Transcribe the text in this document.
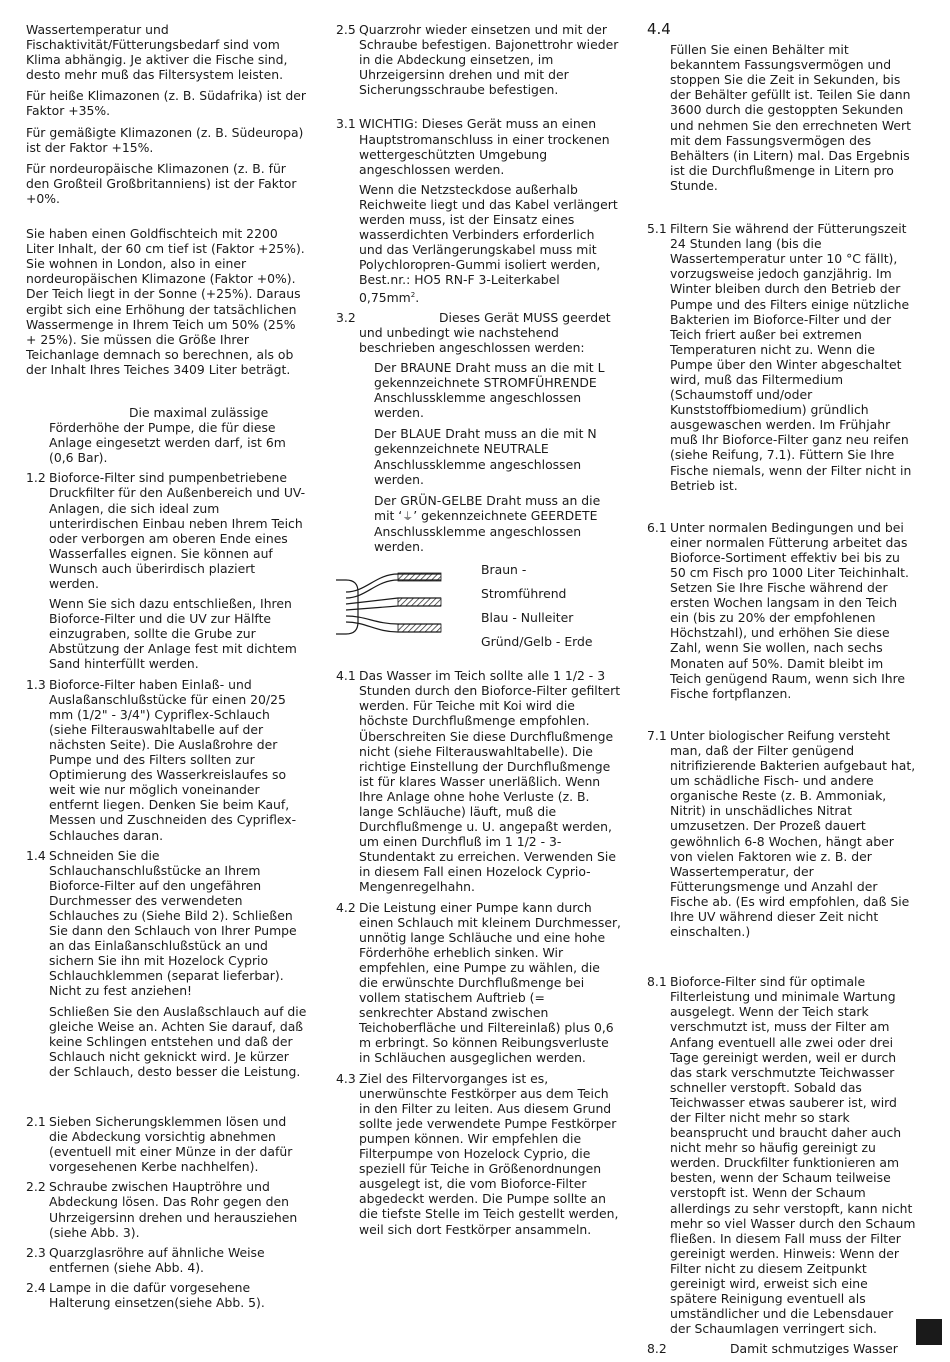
Wassertemperatur und Fischaktivität/Fütterungsbedarf sind vom Klima abhängig. Je aktiver die Fische sind, desto mehr muß das Filtersystem leisten.

Für heiße Klimazonen (z. B. Südafrika) ist der Faktor +35%.

Für gemäßigte Klimazonen (z. B. Südeuropa) ist der Faktor +15%.

Für nordeuropäische Klimazonen (z. B. für den Großteil Großbritanniens) ist der Faktor +0%.

Sie haben einen Goldfischteich mit 2200 Liter Inhalt, der 60 cm tief ist (Faktor +25%). Sie wohnen in London, also in einer nordeuropäischen Klimazone (Faktor +0%). Der Teich liegt in der Sonne (+25%). Daraus ergibt sich eine Erhöhung der tatsächlichen Wassermenge in Ihrem Teich um 50% (25% + 25%). Sie müssen die Größe Ihrer Teichanlage demnach so berechnen, als ob der Inhalt Ihres Teiches 3409 Liter beträgt.

Die maximal zulässige Förderhöhe der Pumpe, die für diese Anlage eingesetzt werden darf, ist 6m (0,6 Bar).

1.2 Bioforce-Filter sind pumpenbetriebene Druckfilter für den Außenbereich und UV-Anlagen, die sich ideal zum unterirdischen Einbau neben Ihrem Teich oder verborgen am oberen Ende eines Wasserfalles eignen. Sie können auf Wunsch auch überirdisch plaziert werden.

Wenn Sie sich dazu entschließen, Ihren Bioforce-Filter und die UV zur Hälfte einzugraben, sollte die Grube zur Abstützung der Anlage fest mit dichtem Sand hinterfüllt werden.

1.3 Bioforce-Filter haben Einlaß- und Auslaßanschlußstücke für einen 20/25 mm (1/2" - 3/4") Cypriflex-Schlauch (siehe Filterauswahltabelle auf der nächsten Seite). Die Auslaßrohre der Pumpe und des Filters sollten zur Optimierung des Wasserkreislaufes so weit wie nur möglich voneinander entfernt liegen. Denken Sie beim Kauf, Messen und Zuschneiden des Cypriflex-Schlauches daran.

1.4 Schneiden Sie die Schlauchanschlußstücke an Ihrem Bioforce-Filter auf den ungefähren Durchmesser des verwendeten Schlauches zu (Siehe Bild 2). Schließen Sie dann den Schlauch von Ihrer Pumpe an das Einlaßanschlußstück an und sichern Sie ihn mit Hozelock Cyprio Schlauchklemmen (separat lieferbar). Nicht zu fest anziehen!

Schließen Sie den Auslaßschlauch auf die gleiche Weise an. Achten Sie darauf, daß keine Schlingen entstehen und daß der Schlauch nicht geknickt wird. Je kürzer der Schlauch, desto besser die Leistung.

2.1 Sieben Sicherungsklemmen lösen und die Abdeckung vorsichtig abnehmen (eventuell mit einer Münze in der dafür vorgesehenen Kerbe nachhelfen).

2.2 Schraube zwischen Hauptröhre und Abdeckung lösen. Das Rohr gegen den Uhrzeigersinn drehen und herausziehen (siehe Abb. 3).

2.3 Quarzglasröhre auf ähnliche Weise entfernen (siehe Abb. 4).

2.4 Lampe in die dafür vorgesehene Halterung einsetzen(siehe Abb. 5).

2.5 Quarzrohr wieder einsetzen und mit der Schraube befestigen. Bajonettrohr wieder in die Abdeckung einsetzen, im Uhrzeigersinn drehen und mit der Sicherungsschraube befestigen.

3.1 WICHTIG: Dieses Gerät muss an einen Hauptstromanschluss in einer trockenen wettergeschützten Umgebung angeschlossen werden.

Wenn die Netzsteckdose außerhalb Reichweite liegt und das Kabel verlängert werden muss, ist der Einsatz eines wasserdichten Verbinders erforderlich und das Verlängerungskabel muss mit Polychloropren-Gummi isoliert werden, Best.nr.: HO5 RN-F 3-Leiterkabel $0,75mm^2$.

3.2	Dieses Gerät MUSS geerdet und unbedingt wie nachstehend beschrieben angeschlossen werden:

Der BRAUNE Draht muss an die mit L gekennzeichnete STROMFÜHRENDE Anschlussklemme angeschlossen werden.

Der BLAUE Draht muss an die mit N gekennzeichnete NEUTRALE Anschlussklemme angeschlossen werden.

Der GRÜN-GELBE Draht muss an die mit ‘⏚’ gekennzeichnete GEERDETE Anschlussklemme angeschlossen werden.

Braun -
Stromführend
Blau - Nulleiter
Gründ/Gelb - Erde
4.1 Das Wasser im Teich sollte alle 1 1/2 - 3 Stunden durch den Bioforce-Filter gefiltert werden. Für Teiche mit Koi wird die höchste Durchflußmenge empfohlen. Überschreiten Sie diese Durchflußmenge nicht (siehe Filterauswahltabelle). Die richtige Einstellung der Durchflußmenge ist für klares Wasser unerläßlich. Wenn Ihre Anlage ohne hohe Verluste (z. B. lange Schläuche) läuft, muß die Durchflußmenge u. U. angepaßt werden, um einen Durchfluß im 1 1/2 - 3-Stundentakt zu erreichen. Verwenden Sie in diesem Fall einen Hozelock Cyprio-Mengenregelhahn.

4.2 Die Leistung einer Pumpe kann durch einen Schlauch mit kleinem Durchmesser, unnötig lange Schläuche und eine hohe Förderhöhe erheblich sinken. Wir empfehlen, eine Pumpe zu wählen, die die erwünschte Durchflußmenge bei vollem statischem Auftrieb (= senkrechter Abstand zwischen Teichoberfläche und Filtereinlaß) plus 0,6 m erbringt. So können Reibungsverluste in Schläuchen ausgeglichen werden.

4.3 Ziel des Filtervorganges ist es, unerwünschte Festkörper aus dem Teich in den Filter zu leiten. Aus diesem Grund sollte jede verwendete Pumpe Festkörper pumpen können. Wir empfehlen die Filterpumpe von Hozelock Cyprio, die speziell für Teiche in Größenordnungen ausgelegt ist, die vom Bioforce-Filter abgedeckt werden. Die Pumpe sollte an die tiefste Stelle im Teich gestellt werden, weil sich dort Festkörper ansammeln.

4.4

Füllen Sie einen Behälter mit bekanntem Fassungsvermögen und stoppen Sie die Zeit in Sekunden, bis der Behälter gefüllt ist. Teilen Sie dann 3600 durch die gestoppten Sekunden und nehmen Sie den errechneten Wert mit dem Fassungsvermögen des Behälters (in Litern) mal. Das Ergebnis ist die Durchflußmenge in Litern pro Stunde.

5.1 Filtern Sie während der Fütterungszeit 24 Stunden lang (bis die Wassertemperatur unter 10 °C fällt), vorzugsweise jedoch ganzjährig. Im Winter bleiben durch den Betrieb der Pumpe und des Filters einige nützliche Bakterien im Bioforce-Filter und der Teich friert außer bei extremen Temperaturen nicht zu. Wenn die Pumpe über den Winter abgeschaltet wird, muß das Filtermedium (Schaumstoff und/oder Kunststoffbiomedium) gründlich ausgewaschen werden. Im Frühjahr muß Ihr Bioforce-Filter ganz neu reifen (siehe Reifung, 7.1). Füttern Sie Ihre Fische niemals, wenn der Filter nicht in Betrieb ist.

6.1 Unter normalen Bedingungen und bei einer normalen Fütterung arbeitet das Bioforce-Sortiment effektiv bei bis zu 50 cm Fisch pro 1000 Liter Teichinhalt. Setzen Sie Ihre Fische während der ersten Wochen langsam in den Teich ein (bis zu 20% der empfohlenen Höchstzahl), und erhöhen Sie diese Zahl, wenn Sie wollen, nach sechs Monaten auf 50%. Damit bleibt im Teich genügend Raum, wenn sich Ihre Fische fortpflanzen.

7.1 Unter biologischer Reifung versteht man, daß der Filter genügend nitrifizierende Bakterien aufgebaut hat, um schädliche Fisch- und andere organische Reste (z. B. Ammoniak, Nitrit) in unschädliches Nitrat umzusetzen. Der Prozeß dauert gewöhnlich 6-8 Wochen, hängt aber von vielen Faktoren wie z. B. der Wassertemperatur, der Fütterungsmenge und Anzahl der Fische ab. (Es wird empfohlen, daß Sie Ihre UV während dieser Zeit nicht einschalten.)

8.1 Bioforce-Filter sind für optimale Filterleistung und minimale Wartung ausgelegt. Wenn der Teich stark verschmutzt ist, muss der Filter am Anfang eventuell alle zwei oder drei Tage gereinigt werden, weil er durch das stark verschmutzte Teichwasser schneller verstopft. Sobald das Teichwasser etwas sauberer ist, wird der Filter nicht mehr so stark beansprucht und braucht daher auch nicht mehr so häufig gereinigt zu werden. Druckfilter funktionieren am besten, wenn der Schaum teilweise verstopft ist. Wenn der Schaum allerdings zu sehr verstopft, kann nicht mehr so viel Wasser durch den Schaum fließen. In diesem Fall muss der Filter gereinigt werden. Hinweis: Wenn der Filter nicht zu diesem Zeitpunkt gereinigt wird, erweist sich eine spätere Reinigung eventuell als umständlicher und die Lebensdauer der Schaumlagen verringert sich.

8.2	Damit schmutziges Wasser
